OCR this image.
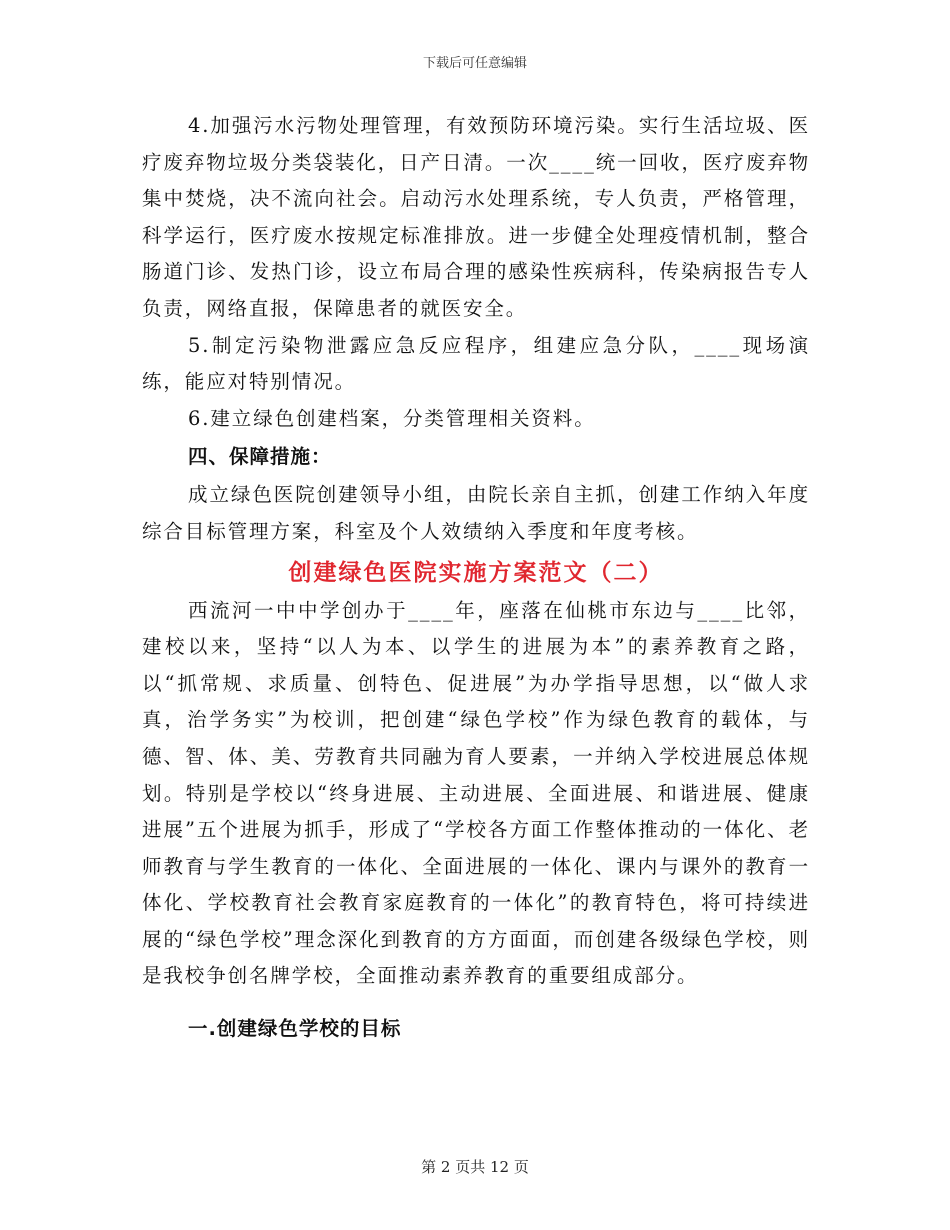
下载后可任意编辑

4.加强污水污物处理管理，有效预防环境污染。实行生活垃圾、医疗废弃物垃圾分类袋装化，日产日清。一次____统一回收，医疗废弃物集中焚烧，决不流向社会。启动污水处理系统，专人负责，严格管理，科学运行，医疗废水按规定标准排放。进一步健全处理疫情机制，整合肠道门诊、发热门诊，设立布局合理的感染性疾病科，传染病报告专人负责，网络直报，保障患者的就医安全。

5.制定污染物泄露应急反应程序，组建应急分队，____现场演练，能应对特别情况。

6.建立绿色创建档案，分类管理相关资料。

四、保障措施：

成立绿色医院创建领导小组，由院长亲自主抓，创建工作纳入年度综合目标管理方案，科室及个人效绩纳入季度和年度考核。

创建绿色医院实施方案范文（二）

西流河一中中学创办于____年，座落在仙桃市东边与____比邻，建校以来，坚持“以人为本、以学生的进展为本”的素养教育之路，以“抓常规、求质量、创特色、促进展”为办学指导思想，以“做人求真，治学务实”为校训，把创建“绿色学校”作为绿色教育的载体，与德、智、体、美、劳教育共同融为育人要素，一并纳入学校进展总体规划。特别是学校以“终身进展、主动进展、全面进展、和谐进展、健康进展”五个进展为抓手，形成了“学校各方面工作整体推动的一体化、老师教育与学生教育的一体化、全面进展的一体化、课内与课外的教育一体化、学校教育社会教育家庭教育的一体化”的教育特色，将可持续进展的“绿色学校”理念深化到教育的方方面面，而创建各级绿色学校，则是我校争创名牌学校，全面推动素养教育的重要组成部分。

一.创建绿色学校的目标

第 2 页共 12 页
